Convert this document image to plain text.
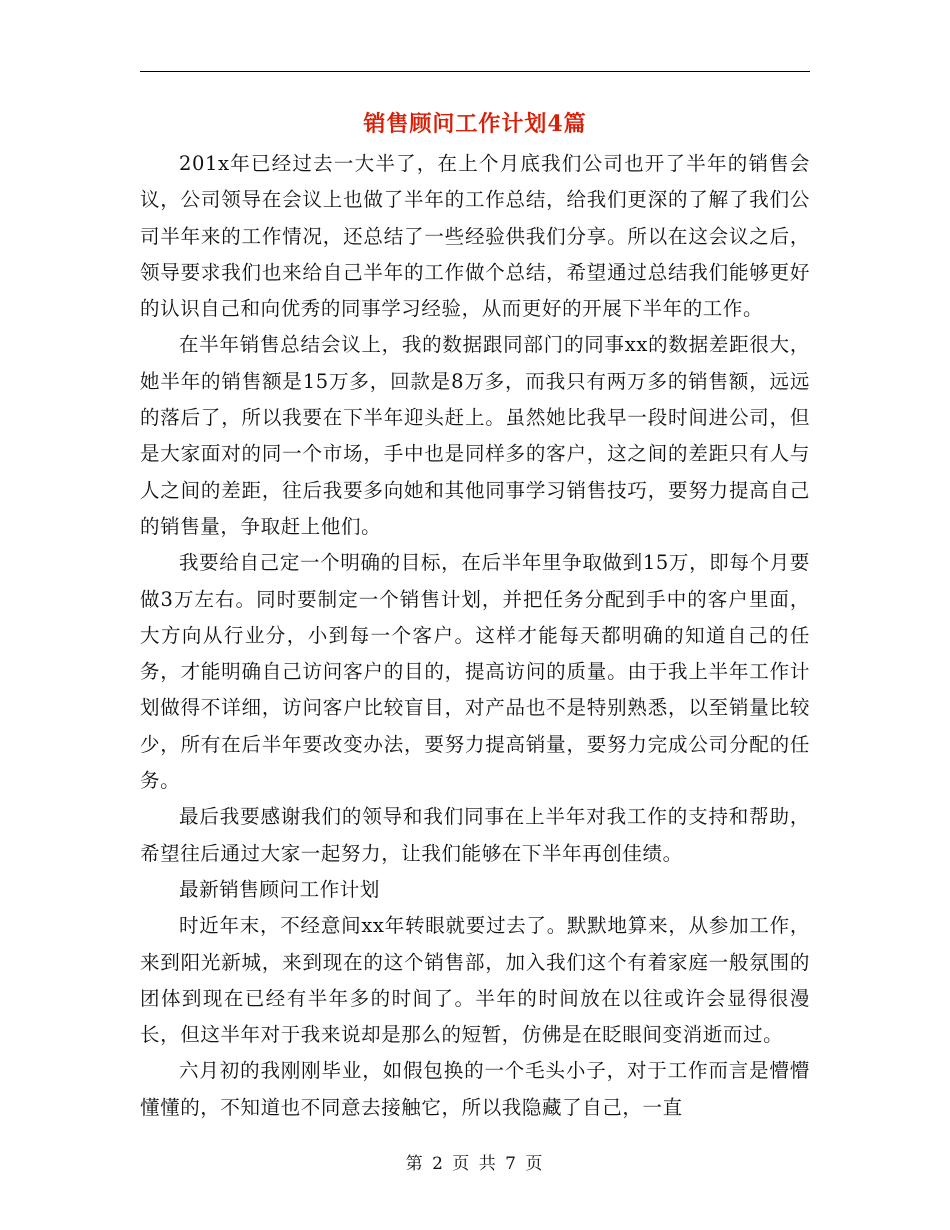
销售顾问工作计划4篇

201x年已经过去一大半了，在上个月底我们公司也开了半年的销售会议，公司领导在会议上也做了半年的工作总结，给我们更深的了解了我们公司半年来的工作情况，还总结了一些经验供我们分享。所以在这会议之后，领导要求我们也来给自己半年的工作做个总结，希望通过总结我们能够更好的认识自己和向优秀的同事学习经验，从而更好的开展下半年的工作。

在半年销售总结会议上，我的数据跟同部门的同事xx的数据差距很大，她半年的销售额是15万多，回款是8万多，而我只有两万多的销售额，远远的落后了，所以我要在下半年迎头赶上。虽然她比我早一段时间进公司，但是大家面对的同一个市场，手中也是同样多的客户，这之间的差距只有人与人之间的差距，往后我要多向她和其他同事学习销售技巧，要努力提高自己的销售量，争取赶上他们。

我要给自己定一个明确的目标，在后半年里争取做到15万，即每个月要做3万左右。同时要制定一个销售计划，并把任务分配到手中的客户里面，大方向从行业分，小到每一个客户。这样才能每天都明确的知道自己的任务，才能明确自己访问客户的目的，提高访问的质量。由于我上半年工作计划做得不详细，访问客户比较盲目，对产品也不是特别熟悉，以至销量比较少，所有在后半年要改变办法，要努力提高销量，要努力完成公司分配的任务。

最后我要感谢我们的领导和我们同事在上半年对我工作的支持和帮助，希望往后通过大家一起努力，让我们能够在下半年再创佳绩。

最新销售顾问工作计划

时近年末，不经意间xx年转眼就要过去了。默默地算来，从参加工作，来到阳光新城，来到现在的这个销售部，加入我们这个有着家庭一般氛围的团体到现在已经有半年多的时间了。半年的时间放在以往或许会显得很漫长，但这半年对于我来说却是那么的短暂，仿佛是在眨眼间变消逝而过。

六月初的我刚刚毕业，如假包换的一个毛头小子，对于工作而言是懵懵懂懂的，不知道也不同意去接触它，所以我隐藏了自己，一直

第 2 页 共 7 页
